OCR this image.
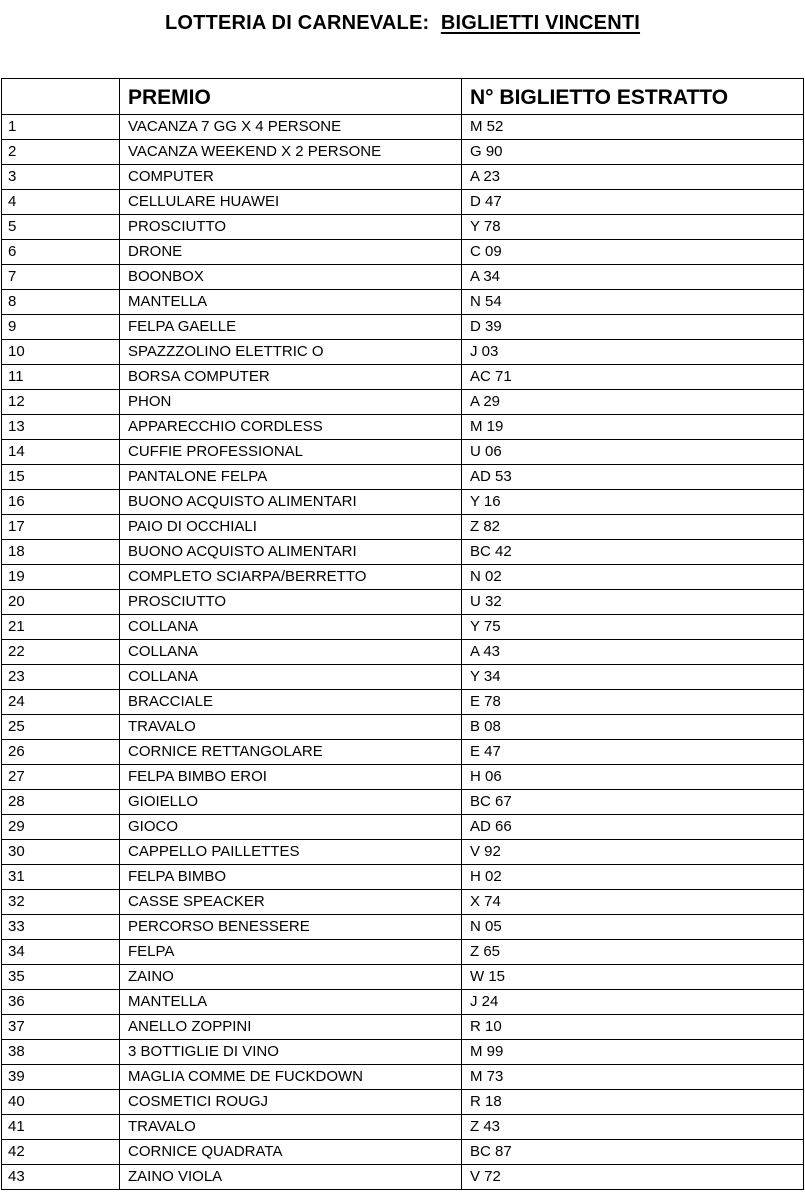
LOTTERIA DI CARNEVALE: BIGLIETTI VINCENTI
	PREMIO	N° BIGLIETTO ESTRATTO
1	VACANZA 7 GG X 4 PERSONE	M 52
2	VACANZA WEEKEND X 2 PERSONE	G 90
3	COMPUTER	A 23
4	CELLULARE HUAWEI	D 47
5	PROSCIUTTO	Y 78
6	DRONE	C 09
7	BOONBOX	A 34
8	MANTELLA	N 54
9	FELPA GAELLE	D 39
10	SPAZZZOLINO ELETTRIC O	J 03
11	BORSA COMPUTER	AC 71
12	PHON	A 29
13	APPARECCHIO CORDLESS	M 19
14	CUFFIE PROFESSIONAL	U 06
15	PANTALONE FELPA	AD 53
16	BUONO ACQUISTO ALIMENTARI	Y 16
17	PAIO DI OCCHIALI	Z 82
18	BUONO ACQUISTO ALIMENTARI	BC 42
19	COMPLETO SCIARPA/BERRETTO	N 02
20	PROSCIUTTO	U 32
21	COLLANA	Y 75
22	COLLANA	A 43
23	COLLANA	Y 34
24	BRACCIALE	E 78
25	TRAVALO	B 08
26	CORNICE RETTANGOLARE	E 47
27	FELPA BIMBO EROI	H 06
28	GIOIELLO	BC 67
29	GIOCO	AD 66
30	CAPPELLO PAILLETTES	V 92
31	FELPA BIMBO	H 02
32	CASSE SPEACKER	X 74
33	PERCORSO BENESSERE	N 05
34	FELPA	Z 65
35	ZAINO	W 15
36	MANTELLA	J 24
37	ANELLO ZOPPINI	R 10
38	3 BOTTIGLIE DI VINO	M 99
39	MAGLIA COMME DE FUCKDOWN	M 73
40	COSMETICI ROUGJ	R 18
41	TRAVALO	Z 43
42	CORNICE QUADRATA	BC 87
43	ZAINO VIOLA	V 72
